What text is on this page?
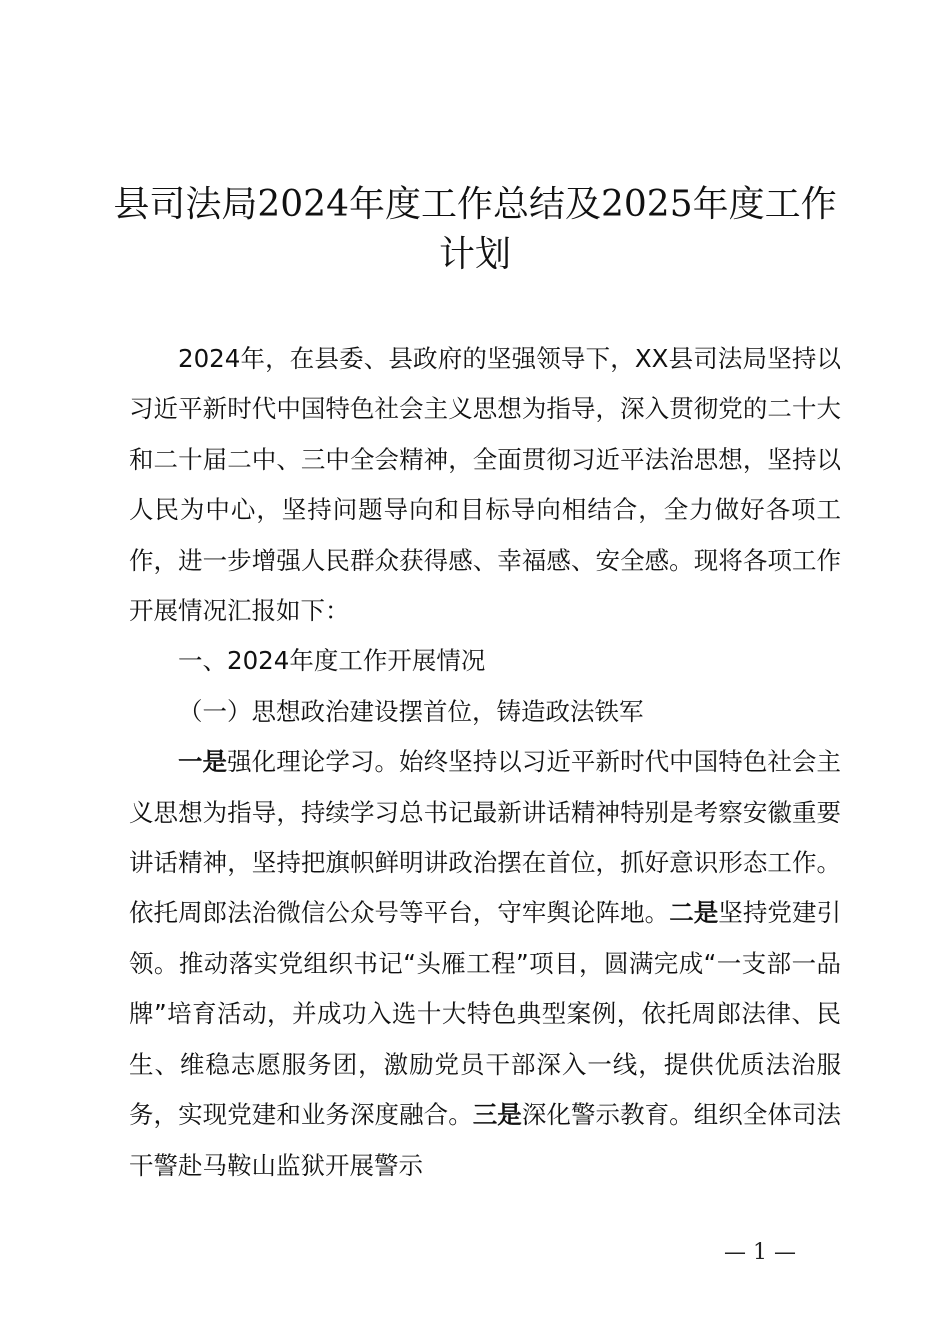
县司法局2024年度工作总结及2025年度工作
计划

2024年，在县委、县政府的坚强领导下，XX县司法局坚持以习近平新时代中国特色社会主义思想为指导，深入贯彻党的二十大和二十届二中、三中全会精神，全面贯彻习近平法治思想，坚持以人民为中心，坚持问题导向和目标导向相结合，全力做好各项工作，进一步增强人民群众获得感、幸福感、安全感。现将各项工作开展情况汇报如下：

一、2024年度工作开展情况

（一）思想政治建设摆首位，铸造政法铁军

一是强化理论学习。始终坚持以习近平新时代中国特色社会主义思想为指导，持续学习总书记最新讲话精神特别是考察安徽重要讲话精神，坚持把旗帜鲜明讲政治摆在首位，抓好意识形态工作。依托周郎法治微信公众号等平台，守牢舆论阵地。二是坚持党建引领。推动落实党组织书记“头雁工程”项目，圆满完成“一支部一品牌”培育活动，并成功入选十大特色典型案例，依托周郎法律、民生、维稳志愿服务团，激励党员干部深入一线，提供优质法治服务，实现党建和业务深度融合。三是深化警示教育。组织全体司法干警赴马鞍山监狱开展警示

— 1 —
